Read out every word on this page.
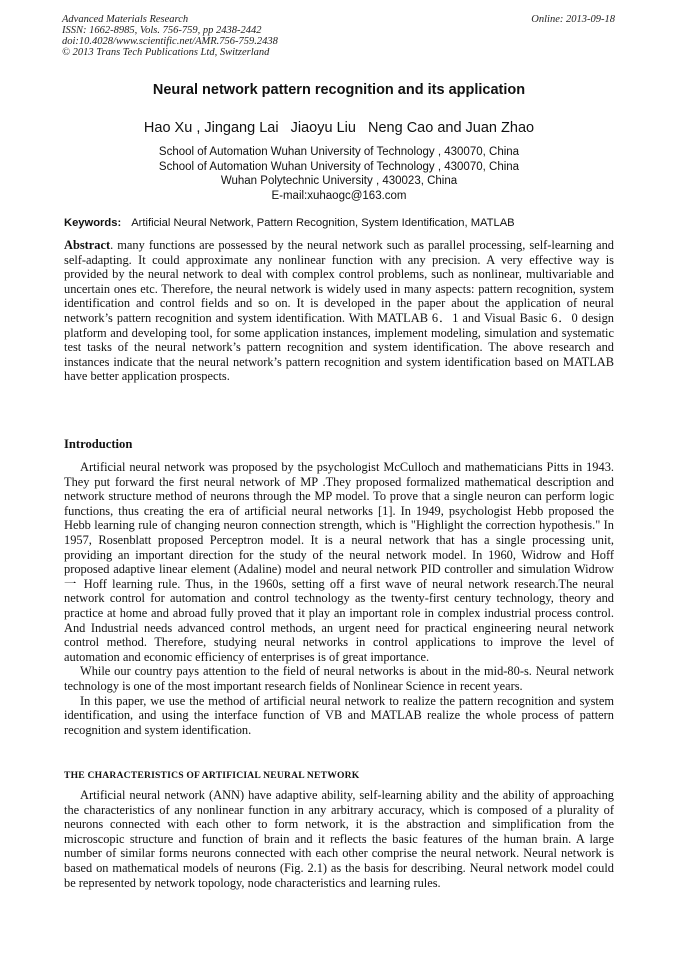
Advanced Materials Research
ISSN: 1662-8985, Vols. 756-759, pp 2438-2442
doi:10.4028/www.scientific.net/AMR.756-759.2438
© 2013 Trans Tech Publications Ltd, Switzerland
Online: 2013-09-18
Neural network pattern recognition and its application
Hao Xu , Jingang Lai   Jiaoyu Liu   Neng Cao and Juan Zhao
School of Automation Wuhan University of Technology , 430070, China
School of Automation Wuhan University of Technology , 430070, China
Wuhan Polytechnic University , 430023, China
E-mail:xuhaogc@163.com
Keywords: Artificial Neural Network, Pattern Recognition, System Identification, MATLAB

Abstract. many functions are possessed by the neural network such as parallel processing, self-learning and self-adapting. It could approximate any nonlinear function with any precision. A very effective way is provided by the neural network to deal with complex control problems, such as nonlinear, multivariable and uncertain ones etc. Therefore, the neural network is widely used in many aspects: pattern recognition, system identification and control fields and so on. It is developed in the paper about the application of neural network’s pattern recognition and system identification. With MATLAB 6．1 and Visual Basic 6．0 design platform and developing tool, for some application instances, implement modeling, simulation and systematic test tasks of the neural network’s pattern recognition and system identification. The above research and instances indicate that the neural network’s pattern recognition and system identification based on MATLAB have better application prospects.

Introduction

Artificial neural network was proposed by the psychologist McCulloch and mathematicians Pitts in 1943. They put forward the first neural network of MP .They proposed formalized mathematical description and network structure method of neurons through the MP model. To prove that a single neuron can perform logic functions, thus creating the era of artificial neural networks [1]. In 1949, psychologist Hebb proposed the Hebb learning rule of changing neuron connection strength, which is "Highlight the correction hypothesis." In 1957, Rosenblatt proposed Perceptron model. It is a neural network that has a single processing unit, providing an important direction for the study of the neural network model. In 1960, Widrow and Hoff proposed adaptive linear element (Adaline) model and neural network PID controller and simulation Widrow 一 Hoff learning rule. Thus, in the 1960s, setting off a first wave of neural network research.The neural network control for automation and control technology as the twenty-first century technology, theory and practice at home and abroad fully proved that it play an important role in complex industrial process control. And Industrial needs advanced control methods, an urgent need for practical engineering neural network control method. Therefore, studying neural networks in control applications to improve the level of automation and economic efficiency of enterprises is of great importance.

While our country pays attention to the field of neural networks is about in the mid-80-s. Neural network technology is one of the most important research fields of Nonlinear Science in recent years.

In this paper, we use the method of artificial neural network to realize the pattern recognition and system identification, and using the interface function of VB and MATLAB realize the whole process of pattern recognition and system identification.

THE CHARACTERISTICS OF ARTIFICIAL NEURAL NETWORK

Artificial neural network (ANN) have adaptive ability, self-learning ability and the ability of approaching the characteristics of any nonlinear function in any arbitrary accuracy, which is composed of a plurality of neurons connected with each other to form network, it is the abstraction and simplification from the microscopic structure and function of brain and it reflects the basic features of the human brain. A large number of similar forms neurons connected with each other comprise the neural network. Neural network is based on mathematical models of neurons (Fig. 2.1) as the basis for describing. Neural network model could be represented by network topology, node characteristics and learning rules.
